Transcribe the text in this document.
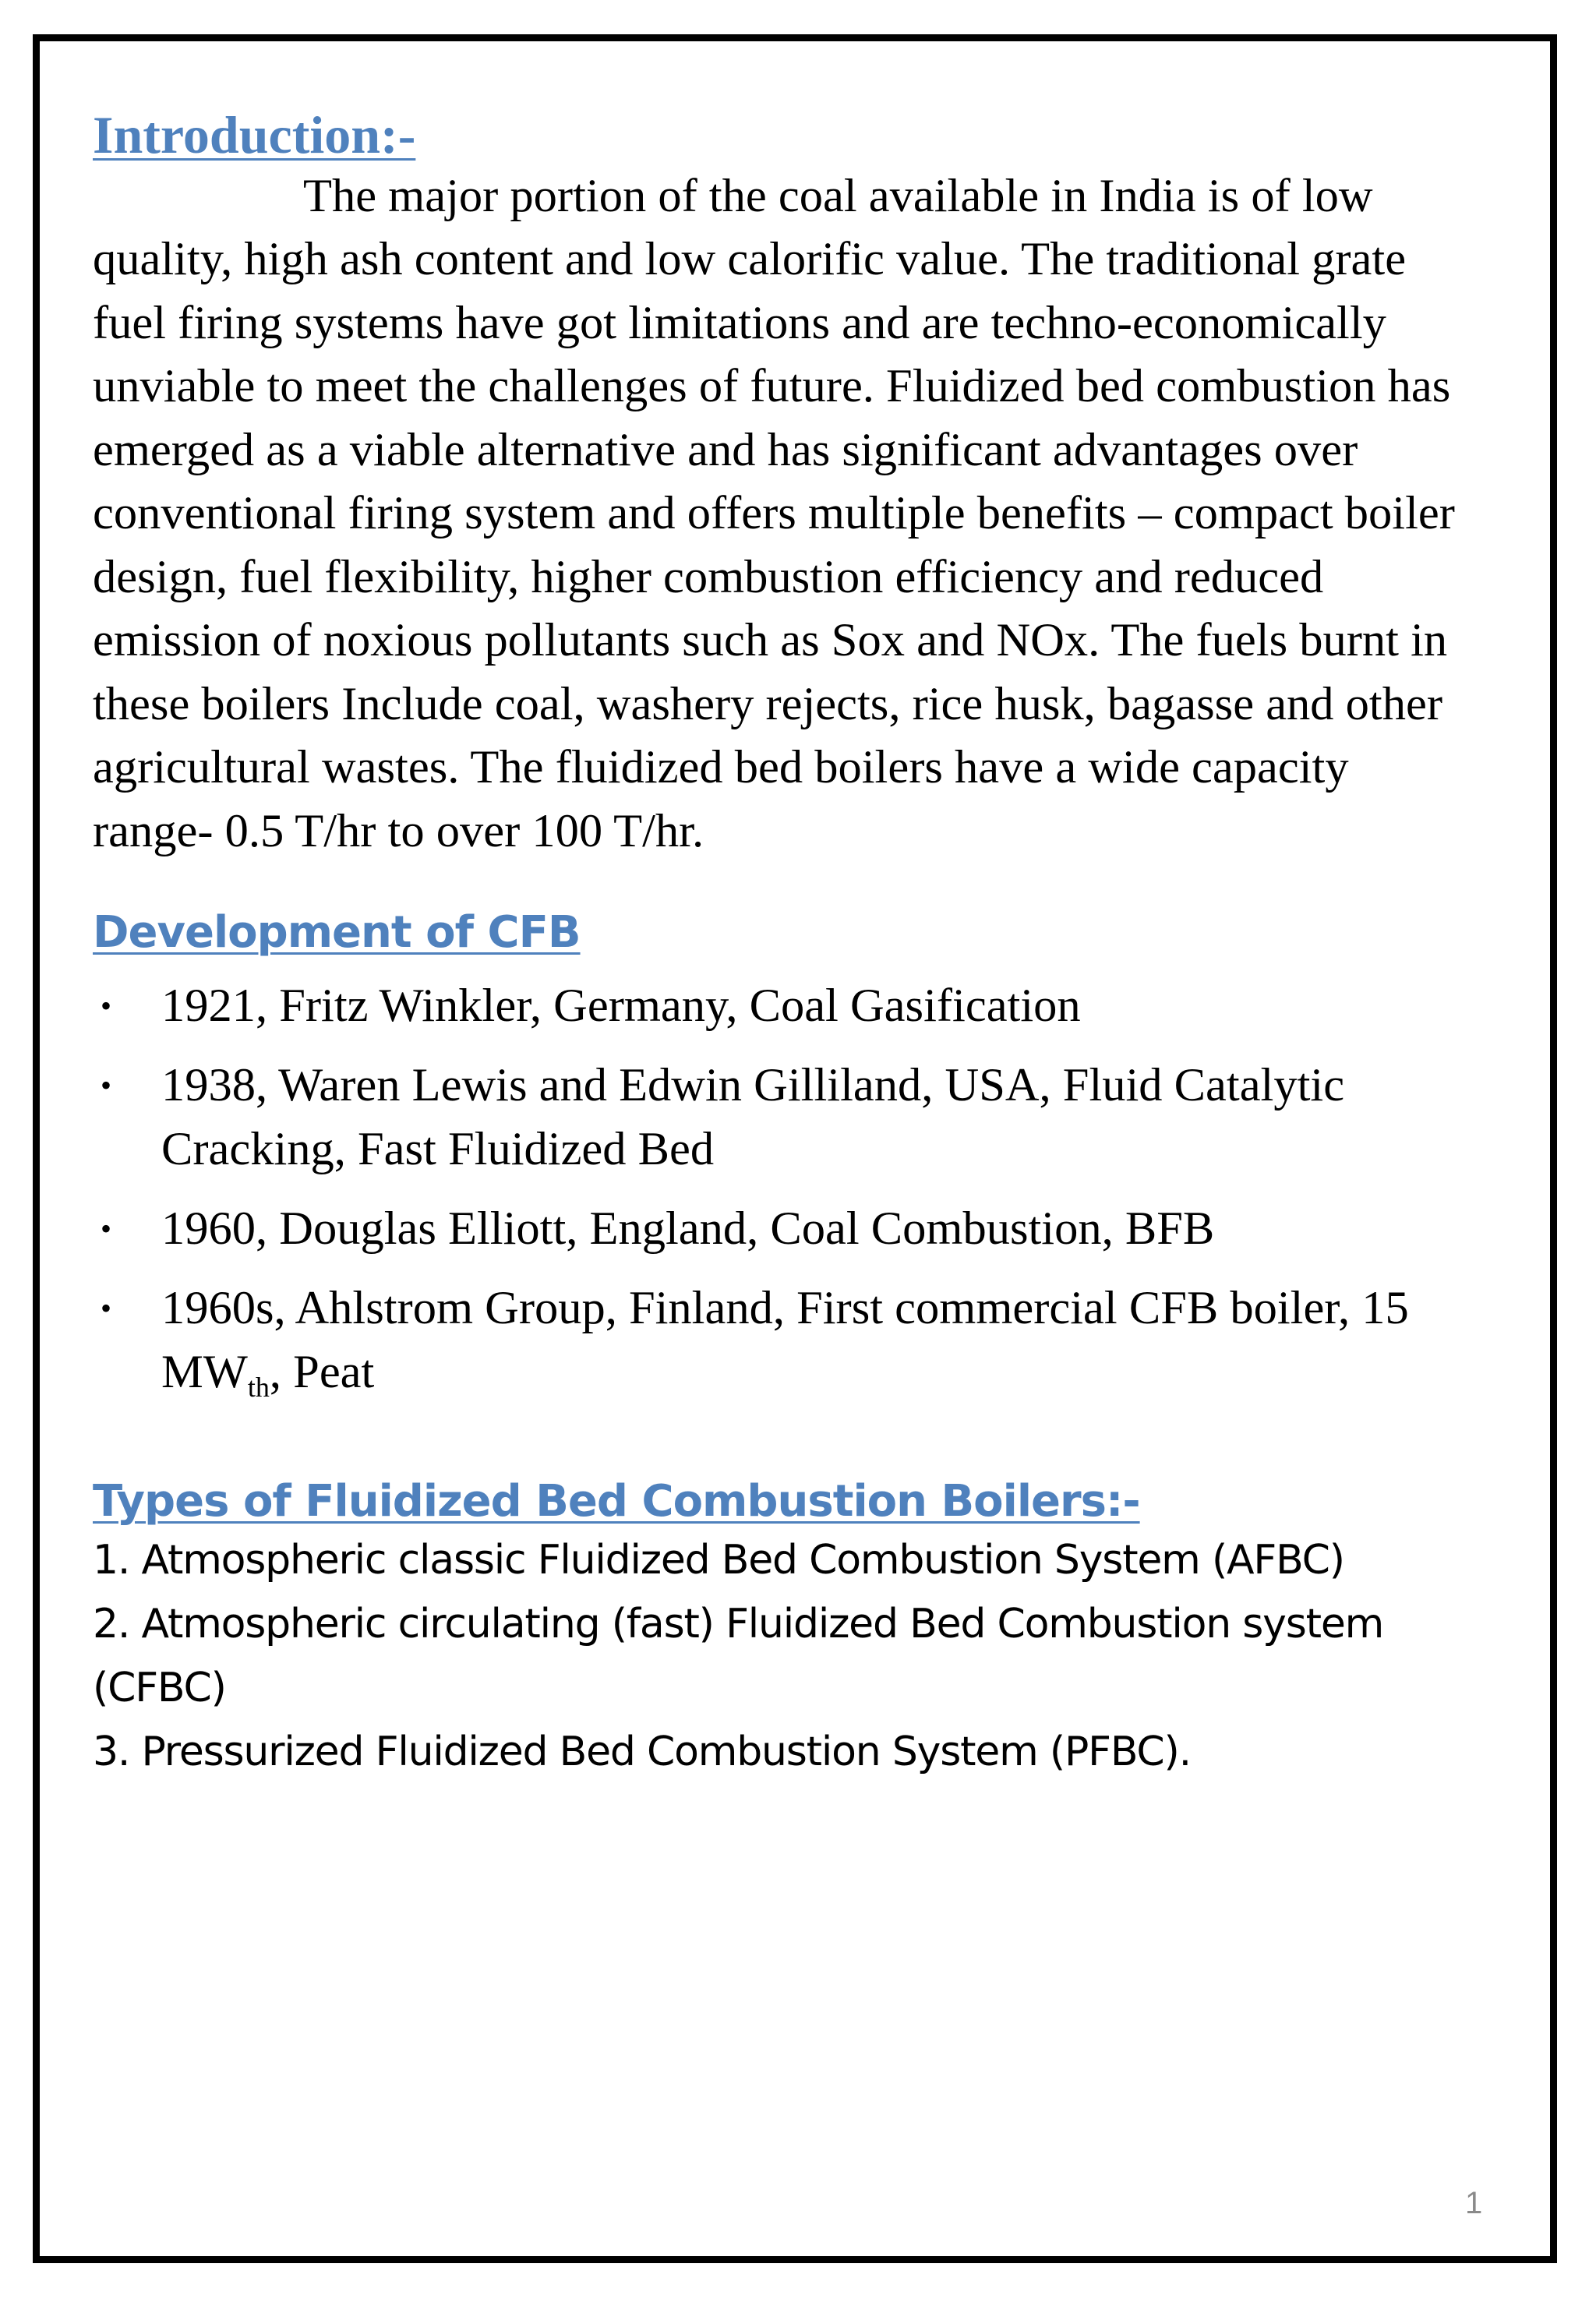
Introduction:-

The major portion of the coal available in India is of low quality, high ash content and low calorific value. The traditional grate fuel firing systems have got limitations and are techno-economically unviable to meet the challenges of future. Fluidized bed combustion has emerged as a viable alternative and has significant advantages over conventional firing system and offers multiple benefits – compact boiler design, fuel flexibility, higher combustion efficiency and reduced emission of noxious pollutants such as Sox and NOx. The fuels burnt in these boilers Include coal, washery rejects, rice husk, bagasse and other agricultural wastes. The fluidized bed boilers have a wide capacity range- 0.5 T/hr to over 100 T/hr.

Development of CFB
• 1921, Fritz Winkler, Germany, Coal Gasification
• 1938, Waren Lewis and Edwin Gilliland, USA, Fluid Catalytic Cracking, Fast Fluidized Bed
• 1960, Douglas Elliott, England, Coal Combustion, BFB
• 1960s, Ahlstrom Group, Finland, First commercial CFB boiler, 15 $MW_{th}$, Peat
Types of Fluidized Bed Combustion Boilers:-

1. Atmospheric classic Fluidized Bed Combustion System (AFBC)

2. Atmospheric circulating (fast) Fluidized Bed Combustion system (CFBC)

3. Pressurized Fluidized Bed Combustion System (PFBC).

1
